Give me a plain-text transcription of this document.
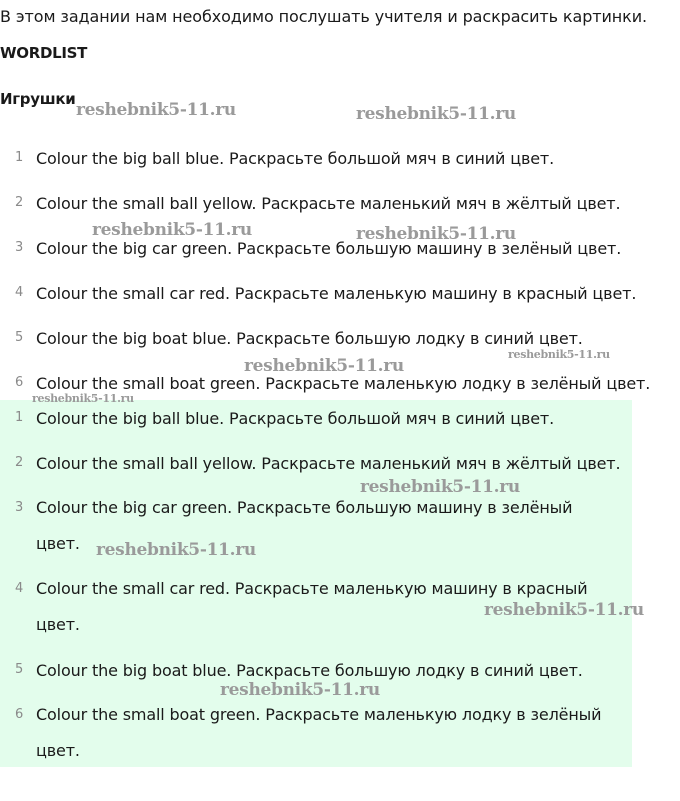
В этом задании нам необходимо послушать учителя и раскрасить картинки.
WORDLIST
Игрушки
1 Colour the big ball blue. Раскрасьте большой мяч в синий цвет.
2 Colour the small ball yellow. Раскрасьте маленький мяч в жёлтый цвет.
3 Colour the big car green. Раскрасьте большую машину в зелёный цвет.
4 Colour the small car red. Раскрасьте маленькую машину в красный цвет.
5 Colour the big boat blue. Раскрасьте большую лодку в синий цвет.
6 Colour the small boat green. Раскрасьте маленькую лодку в зелёный цвет.
1 Colour the big ball blue. Раскрасьте большой мяч в синий цвет.
2 Colour the small ball yellow. Раскрасьте маленький мяч в жёлтый цвет.
3 Colour the big car green. Раскрасьте большую машину в зелёный цвет.
4 Colour the small car red. Раскрасьте маленькую машину в красный цвет.
5 Colour the big boat blue. Раскрасьте большую лодку в синий цвет.
6 Colour the small boat green. Раскрасьте маленькую лодку в зелёный цвет.
reshebnik5-11.ru	reshebnik5-11.ru
reshebnik5-11.ru	reshebnik5-11.ru
reshebnik5-11.ru
reshebnik5-11.ru
reshebnik5-11.ru
reshebnik5-11.ru
reshebnik5-11.ru
reshebnik5-11.ru
reshebnik5-11.ru
